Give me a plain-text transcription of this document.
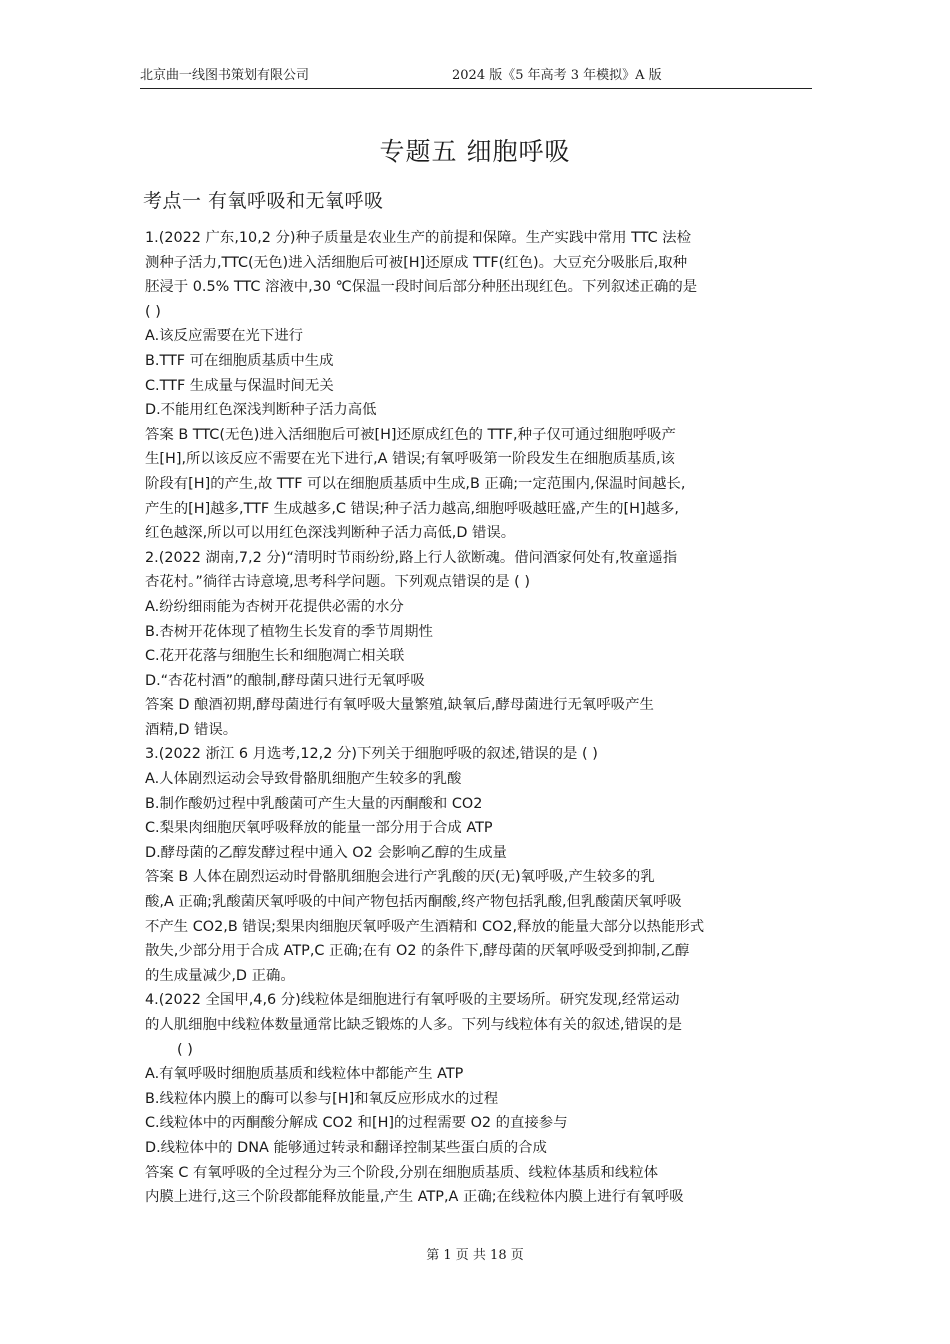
北京曲一线图书策划有限公司	2024 版《5 年高考 3 年模拟》A 版
专题五 细胞呼吸
考点一 有氧呼吸和无氧呼吸
1.(2022 广东,10,2 分)种子质量是农业生产的前提和保障。生产实践中常用 TTC 法检
测种子活力,TTC(无色)进入活细胞后可被[H]还原成 TTF(红色)。大豆充分吸胀后,取种
胚浸于 0.5% TTC 溶液中,30 ℃保温一段时间后部分种胚出现红色。下列叙述正确的是
( )
A.该反应需要在光下进行
B.TTF 可在细胞质基质中生成
C.TTF 生成量与保温时间无关
D.不能用红色深浅判断种子活力高低
答案 B TTC(无色)进入活细胞后可被[H]还原成红色的 TTF,种子仅可通过细胞呼吸产
生[H],所以该反应不需要在光下进行,A 错误;有氧呼吸第一阶段发生在细胞质基质,该
阶段有[H]的产生,故 TTF 可以在细胞质基质中生成,B 正确;一定范围内,保温时间越长,
产生的[H]越多,TTF 生成越多,C 错误;种子活力越高,细胞呼吸越旺盛,产生的[H]越多,
红色越深,所以可以用红色深浅判断种子活力高低,D 错误。
2.(2022 湖南,7,2 分)“清明时节雨纷纷,路上行人欲断魂。借问酒家何处有,牧童遥指
杏花村。”徜徉古诗意境,思考科学问题。下列观点错误的是 ( )
A.纷纷细雨能为杏树开花提供必需的水分
B.杏树开花体现了植物生长发育的季节周期性
C.花开花落与细胞生长和细胞凋亡相关联
D.“杏花村酒”的酿制,酵母菌只进行无氧呼吸
答案 D 酿酒初期,酵母菌进行有氧呼吸大量繁殖,缺氧后,酵母菌进行无氧呼吸产生
酒精,D 错误。
3.(2022 浙江 6 月选考,12,2 分)下列关于细胞呼吸的叙述,错误的是 ( )
A.人体剧烈运动会导致骨骼肌细胞产生较多的乳酸
B.制作酸奶过程中乳酸菌可产生大量的丙酮酸和 CO2
C.梨果肉细胞厌氧呼吸释放的能量一部分用于合成 ATP
D.酵母菌的乙醇发酵过程中通入 O2 会影响乙醇的生成量
答案 B 人体在剧烈运动时骨骼肌细胞会进行产乳酸的厌(无)氧呼吸,产生较多的乳
酸,A 正确;乳酸菌厌氧呼吸的中间产物包括丙酮酸,终产物包括乳酸,但乳酸菌厌氧呼吸
不产生 CO2,B 错误;梨果肉细胞厌氧呼吸产生酒精和 CO2,释放的能量大部分以热能形式
散失,少部分用于合成 ATP,C 正确;在有 O2 的条件下,酵母菌的厌氧呼吸受到抑制,乙醇
的生成量减少,D 正确。
4.(2022 全国甲,4,6 分)线粒体是细胞进行有氧呼吸的主要场所。研究发现,经常运动
的人肌细胞中线粒体数量通常比缺乏锻炼的人多。下列与线粒体有关的叙述,错误的是
( )
A.有氧呼吸时细胞质基质和线粒体中都能产生 ATP
B.线粒体内膜上的酶可以参与[H]和氧反应形成水的过程
C.线粒体中的丙酮酸分解成 CO2 和[H]的过程需要 O2 的直接参与
D.线粒体中的 DNA 能够通过转录和翻译控制某些蛋白质的合成
答案 C 有氧呼吸的全过程分为三个阶段,分别在细胞质基质、线粒体基质和线粒体
内膜上进行,这三个阶段都能释放能量,产生 ATP,A 正确;在线粒体内膜上进行有氧呼吸
第 1 页 共 18 页
